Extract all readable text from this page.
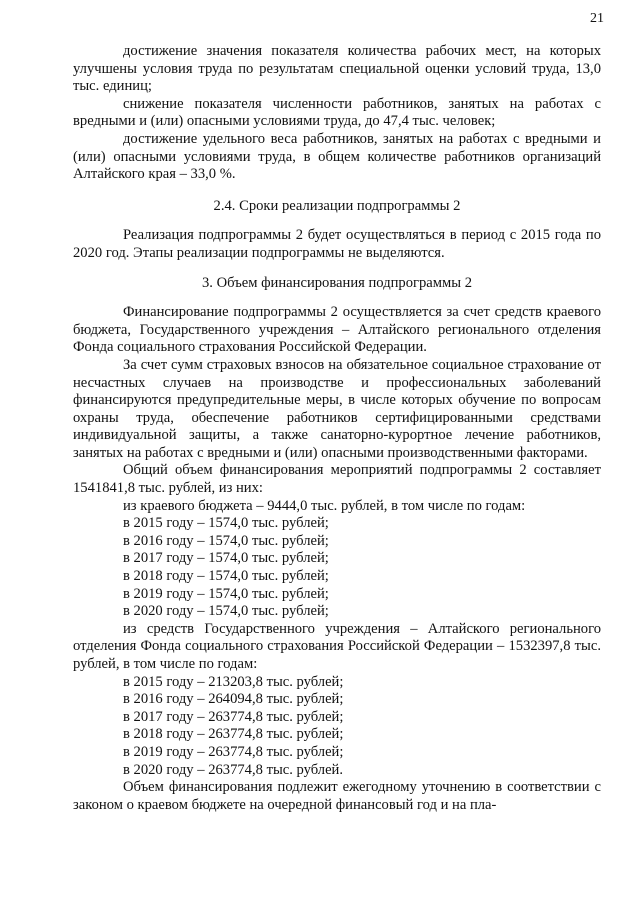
21

достижение значения показателя количества рабочих мест, на которых улучшены условия труда по результатам специальной оценки условий труда, 13,0 тыс. единиц;

снижение показателя численности работников, занятых на работах с вредными и (или) опасными условиями труда, до 47,4 тыс. человек;

достижение удельного веса работников, занятых на работах с вредными и (или) опасными условиями труда, в общем количестве работников организаций Алтайского края – 33,0 %.

2.4. Сроки реализации подпрограммы 2

Реализация подпрограммы 2 будет осуществляться в период с 2015 года по 2020 год. Этапы реализации подпрограммы не выделяются.

3. Объем финансирования подпрограммы 2

Финансирование подпрограммы 2 осуществляется за счет средств краевого бюджета, Государственного учреждения – Алтайского регионального отделения Фонда социального страхования Российской Федерации.

За счет сумм страховых взносов на обязательное социальное страхование от несчастных случаев на производстве и профессиональных заболеваний финансируются предупредительные меры, в числе которых обучение по вопросам охраны труда, обеспечение работников сертифицированными средствами индивидуальной защиты, а также санаторно-курортное лечение работников, занятых на работах с вредными и (или) опасными производственными факторами.

Общий объем финансирования мероприятий подпрограммы 2 составляет 1541841,8 тыс. рублей, из них:

из краевого бюджета – 9444,0 тыс. рублей, в том числе по годам:

в 2015 году – 1574,0 тыс. рублей;

в 2016 году – 1574,0 тыс. рублей;

в 2017 году – 1574,0 тыс. рублей;

в 2018 году – 1574,0 тыс. рублей;

в 2019 году – 1574,0 тыс. рублей;

в 2020 году – 1574,0 тыс. рублей;

из средств Государственного учреждения – Алтайского регионального отделения Фонда социального страхования Российской Федерации – 1532397,8 тыс. рублей, в том числе по годам:

в 2015 году – 213203,8 тыс. рублей;

в 2016 году – 264094,8 тыс. рублей;

в 2017 году – 263774,8 тыс. рублей;

в 2018 году – 263774,8 тыс. рублей;

в 2019 году – 263774,8 тыс. рублей;

в 2020 году – 263774,8 тыс. рублей.

Объем финансирования подлежит ежегодному уточнению в соответствии с законом о краевом бюджете на очередной финансовый год и на пла-
